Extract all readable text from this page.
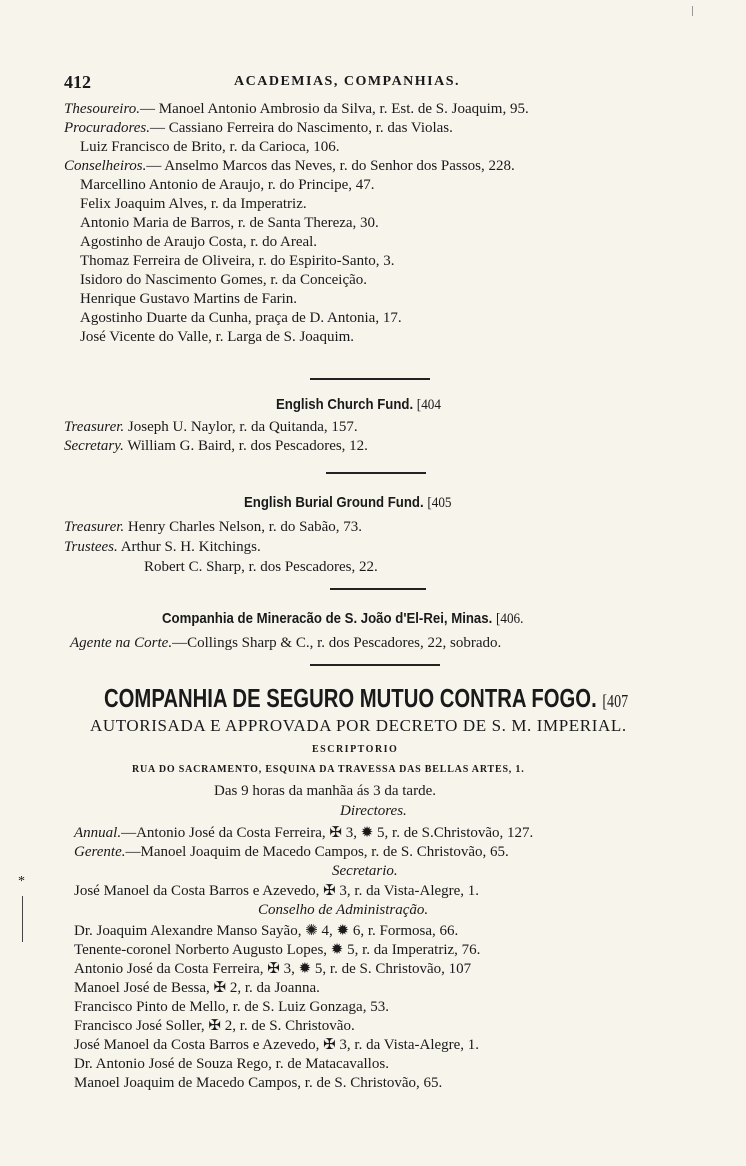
412	ACADEMIAS, COMPANHIAS.
Thesoureiro.— Manoel Antonio Ambrosio da Silva, r. Est. de S. Joaquim, 95.
Procuradores.— Cassiano Ferreira do Nascimento, r. das Violas.
Luiz Francisco de Brito, r. da Carioca, 106.
Conselheiros.— Anselmo Marcos das Neves, r. do Senhor dos Passos, 228.
Marcellino Antonio de Araujo, r. do Principe, 47.
Felix Joaquim Alves, r. da Imperatriz.
Antonio Maria de Barros, r. de Santa Thereza, 30.
Agostinho de Araujo Costa, r. do Areal.
Thomaz Ferreira de Oliveira, r. do Espirito-Santo, 3.
Isidoro do Nascimento Gomes, r. da Conceição.
Henrique Gustavo Martins de Farin.
Agostinho Duarte da Cunha, praça de D. Antonia, 17.
José Vicente do Valle, r. Larga de S. Joaquim.
English Church Fund. [404
Treasurer. Joseph U. Naylor, r. da Quitanda, 157.
Secretary. William G. Baird, r. dos Pescadores, 12.
English Burial Ground Fund. [405
Treasurer. Henry Charles Nelson, r. do Sabão, 73.
Trustees. Arthur S. H. Kitchings.
Robert C. Sharp, r. dos Pescadores, 22.
Companhia de Mineracão de S. João d'El-Rei, Minas. [406.
Agente na Corte.—Collings Sharp & C., r. dos Pescadores, 22, sobrado.
COMPANHIA DE SEGURO MUTUO CONTRA FOGO. [407
AUTORISADA E APPROVADA POR DECRETO DE S. M. IMPERIAL.
ESCRIPTORIO
RUA DO SACRAMENTO, ESQUINA DA TRAVESSA DAS BELLAS ARTES, 1.
Das 9 horas da manhãa ás 3 da tarde.
Directores.
Annual.—Antonio José da Costa Ferreira, ✠ 3, ✹ 5, r. de S.Christovão, 127.
Gerente.—Manoel Joaquim de Macedo Campos, r. de S. Christovão, 65.
Secretario.
José Manoel da Costa Barros e Azevedo, ✠ 3, r. da Vista-Alegre, 1.
Conselho de Administração.
Dr. Joaquim Alexandre Manso Sayão, ✺ 4, ✹ 6, r. Formosa, 66.
Tenente-coronel Norberto Augusto Lopes, ✹ 5, r. da Imperatriz, 76.
Antonio José da Costa Ferreira, ✠ 3, ✹ 5, r. de S. Christovão, 107
Manoel José de Bessa, ✠ 2, r. da Joanna.
Francisco Pinto de Mello, r. de S. Luiz Gonzaga, 53.
Francisco José Soller, ✠ 2, r. de S. Christovão.
José Manoel da Costa Barros e Azevedo, ✠ 3, r. da Vista-Alegre, 1.
Dr. Antonio José de Souza Rego, r. de Matacavallos.
Manoel Joaquim de Macedo Campos, r. de S. Christovão, 65.
*
